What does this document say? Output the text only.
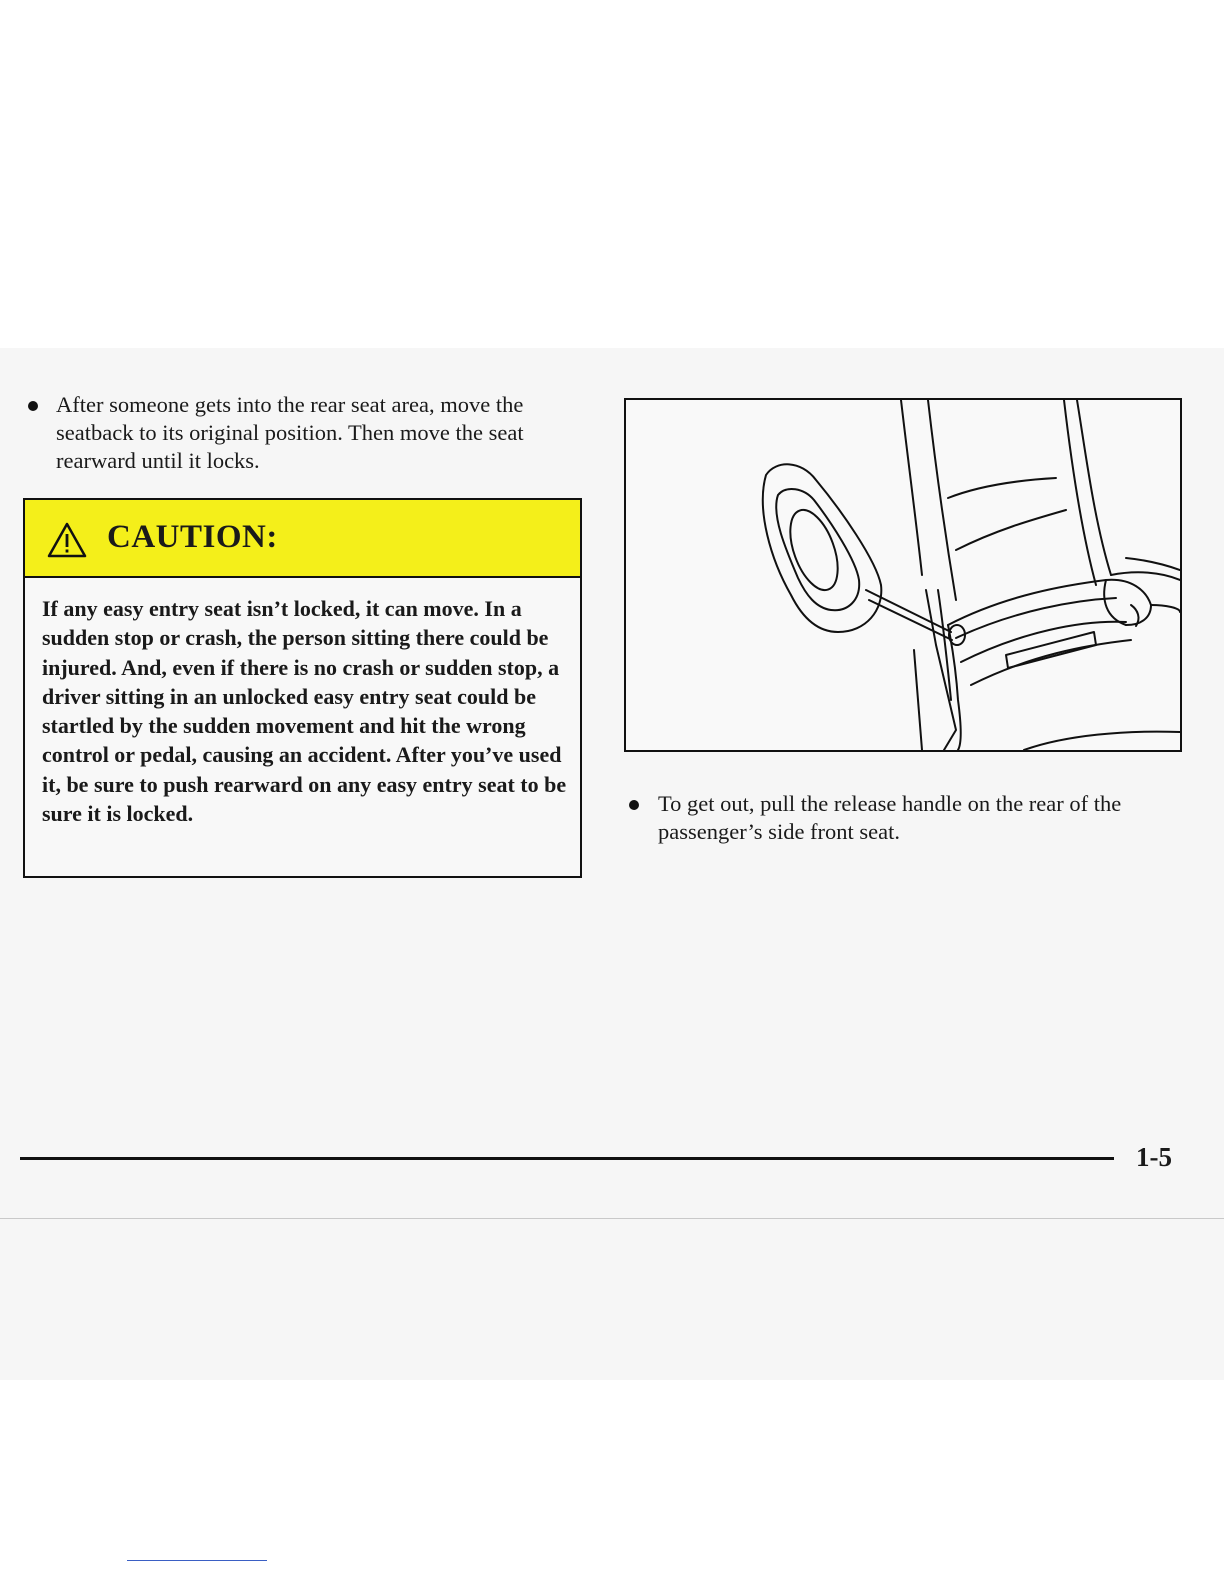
After someone gets into the rear seat area, move the seatback to its original position. Then move the seat rearward until it locks.

CAUTION:

If any easy entry seat isn’t locked, it can move. In a sudden stop or crash, the person sitting there could be injured. And, even if there is no crash or sudden stop, a driver sitting in an unlocked easy entry seat could be startled by the sudden movement and hit the wrong control or pedal, causing an accident. After you’ve used it, be sure to push rearward on any easy entry seat to be sure it is locked.	To get out, pull the release handle on the rear of the passenger’s side front seat.

1-5
